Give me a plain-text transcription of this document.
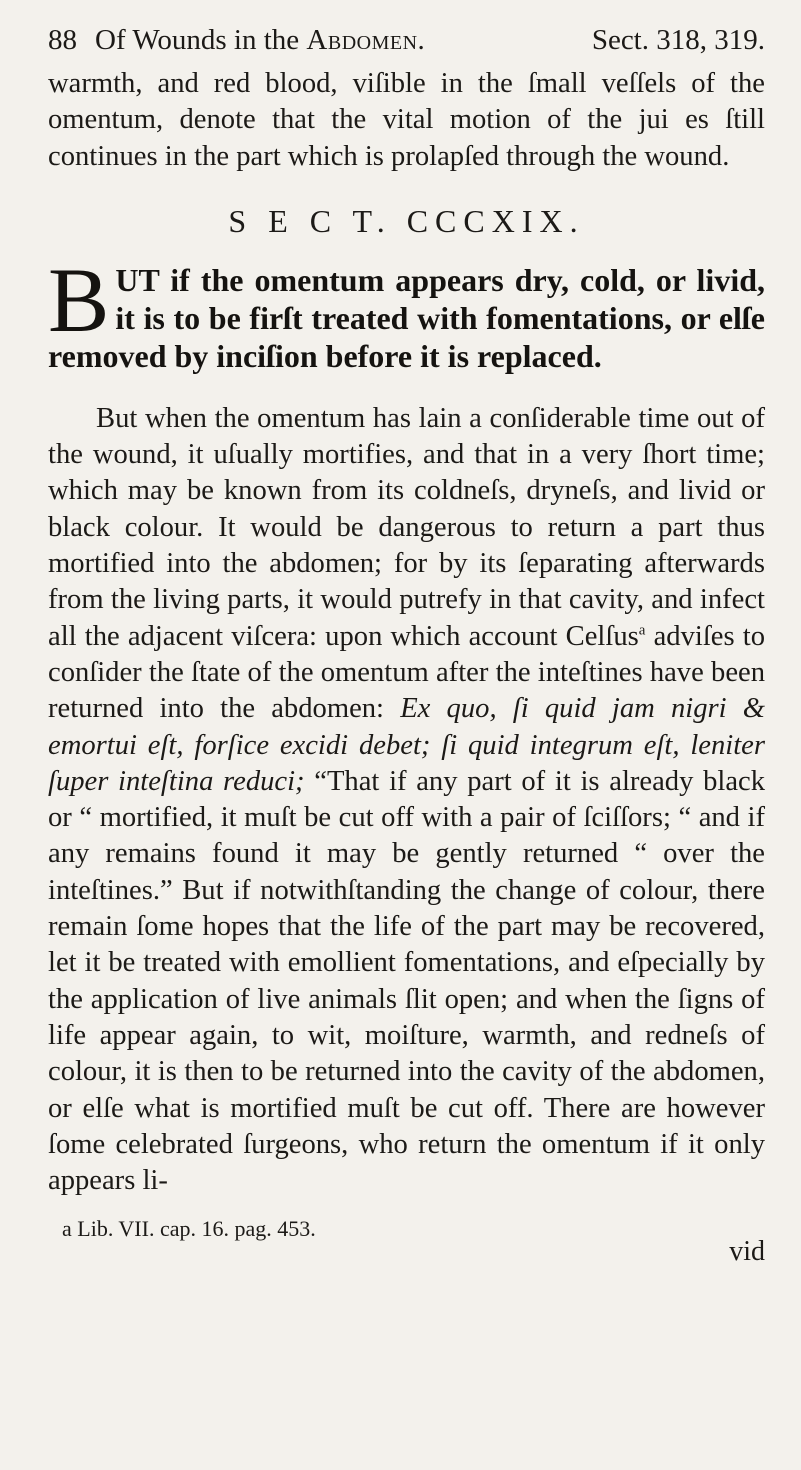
88 Of Wounds in the Abdomen.	Sect. 318, 319.

warmth, and red blood, viſible in the ſmall veſſels of the omentum, denote that the vital motion of the jui es ſtill continues in the part which is prolapſed through the wound.

S E C T. CCCXIX.

BUT if the omentum appears dry, cold, or livid, it is to be firſt treated with fomentations, or elſe removed by inciſion before it is replaced.

But when the omentum has lain a conſiderable time out of the wound, it uſually mortifies, and that in a very ſhort time; which may be known from its coldneſs, dryneſs, and livid or black colour. It would be dangerous to return a part thus mortified into the abdomen; for by its ſeparating afterwards from the living parts, it would putrefy in that cavity, and infect all the adjacent viſcera: upon which account Celſus$^a$ adviſes to conſider the ſtate of the omentum after the inteſtines have been returned into the abdomen: Ex quo, ſi quid jam nigri & emortui eſt, forſice excidi debet; ſi quid integrum eſt, leniter ſuper inteſtina reduci; “That if any part of it is already black or “ mortified, it muſt be cut off with a pair of ſciſſors; “ and if any remains found it may be gently returned “ over the inteſtines.” But if notwithſtanding the change of colour, there remain ſome hopes that the life of the part may be recovered, let it be treated with emollient fomentations, and eſpecially by the application of live animals ſlit open; and when the ſigns of life appear again, to wit, moiſture, warmth, and redneſs of colour, it is then to be returned into the cavity of the abdomen, or elſe what is mortified muſt be cut off. There are however ſome celebrated ſurgeons, who return the omentum if it only appears li-

a Lib. VII. cap. 16. pag. 453.
vid
